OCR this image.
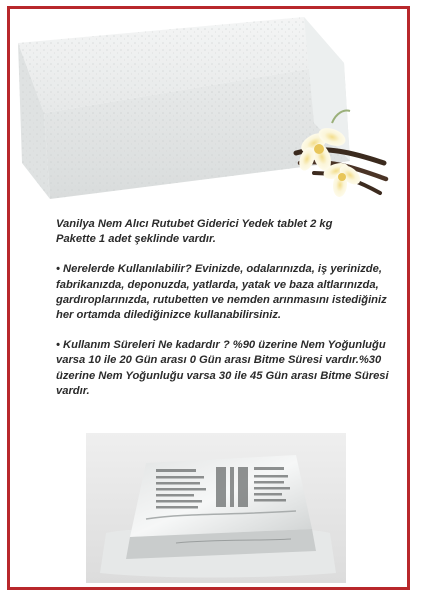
Vanilya Nem Alıcı Rutubet Giderici Yedek tablet 2 kg

Pakette 1 adet şeklinde vardır.

• Nerelerde Kullanılabilir? Evinizde, odalarınızda, iş yerinizde,

fabrikanızda, deponuzda, yatlarda, yatak ve baza altlarınızda,

gardıroplarınızda, rutubetten ve nemden arınmasını istediğiniz

her ortamda dilediğinizce kullanabilirsiniz.

• Kullanım Süreleri Ne kadardır ? %90 üzerine Nem Yoğunluğu

varsa 10 ile 20 Gün arası 0 Gün arası Bitme Süresi vardır.%30

üzerine Nem Yoğunluğu varsa 30 ile 45 Gün arası Bitme Süresi

vardır.
